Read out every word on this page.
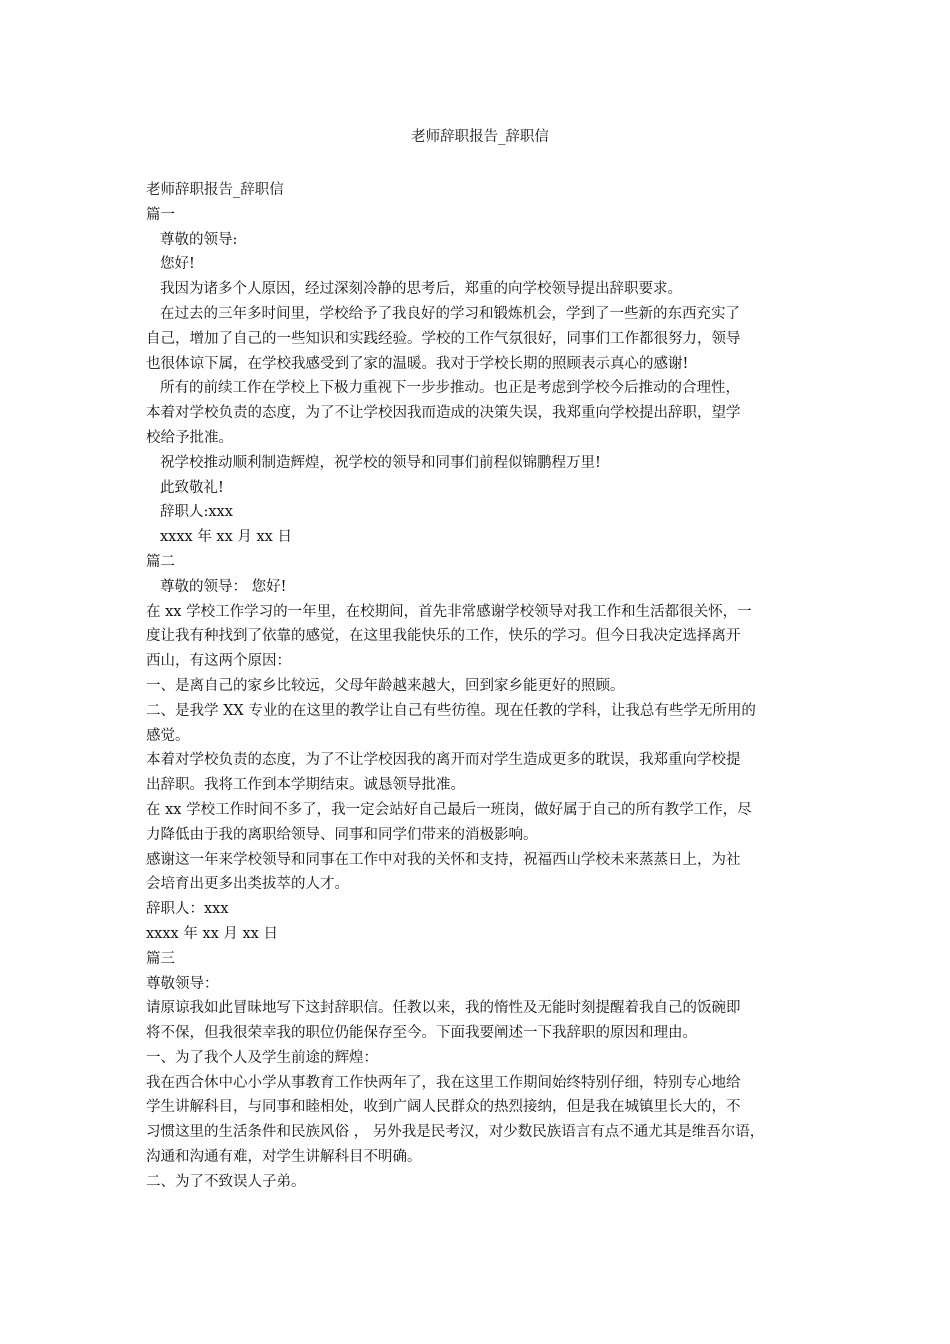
老师辞职报告_辞职信
老师辞职报告_辞职信
篇一
尊敬的领导:
您好!
我因为诸多个人原因，经过深刻冷静的思考后，郑重的向学校领导提出辞职要求。
在过去的三年多时间里，学校给予了我良好的学习和锻炼机会，学到了一些新的东西充实了
自己，增加了自己的一些知识和实践经验。学校的工作气氛很好，同事们工作都很努力，领导
也很体谅下属，在学校我感受到了家的温暖。我对于学校长期的照顾表示真心的感谢!
所有的前续工作在学校上下极力重视下一步步推动。也正是考虑到学校今后推动的合理性，
本着对学校负责的态度，为了不让学校因我而造成的决策失误，我郑重向学校提出辞职，望学
校给予批准。
祝学校推动顺利制造辉煌，祝学校的领导和同事们前程似锦鹏程万里!
此致敬礼!
辞职人:xxx
xxxx 年 xx 月 xx 日
篇二
尊敬的领导： 您好!
在 xx 学校工作学习的一年里，在校期间，首先非常感谢学校领导对我工作和生活都很关怀，一
度让我有种找到了依靠的感觉，在这里我能快乐的工作，快乐的学习。但今日我决定选择离开
西山，有这两个原因：
一、是离自己的家乡比较远，父母年龄越来越大，回到家乡能更好的照顾。
二、是我学 XX 专业的在这里的教学让自己有些彷徨。现在任教的学科，让我总有些学无所用的
感觉。
本着对学校负责的态度，为了不让学校因我的离开而对学生造成更多的耽误，我郑重向学校提
出辞职。我将工作到本学期结束。诚恳领导批准。
在 xx 学校工作时间不多了，我一定会站好自己最后一班岗，做好属于自己的所有教学工作，尽
力降低由于我的离职给领导、同事和同学们带来的消极影响。
感谢这一年来学校领导和同事在工作中对我的关怀和支持，祝福西山学校未来蒸蒸日上，为社
会培育出更多出类拔萃的人才。
辞职人：xxx
xxxx 年 xx 月 xx 日
篇三
尊敬领导：
请原谅我如此冒昧地写下这封辞职信。任教以来，我的惰性及无能时刻提醒着我自己的饭碗即
将不保，但我很荣幸我的职位仍能保存至今。下面我要阐述一下我辞职的原因和理由。
一、为了我个人及学生前途的辉煌：
我在西合休中心小学从事教育工作快两年了，我在这里工作期间始终特别仔细，特别专心地给
学生讲解科目，与同事和睦相处，收到广阔人民群众的热烈接纳，但是我在城镇里长大的，不
习惯这里的生活条件和民族风俗 ， 另外我是民考汉，对少数民族语言有点不通尤其是维吾尔语，
沟通和沟通有难，对学生讲解科目不明确。
二、为了不致误人子弟。
